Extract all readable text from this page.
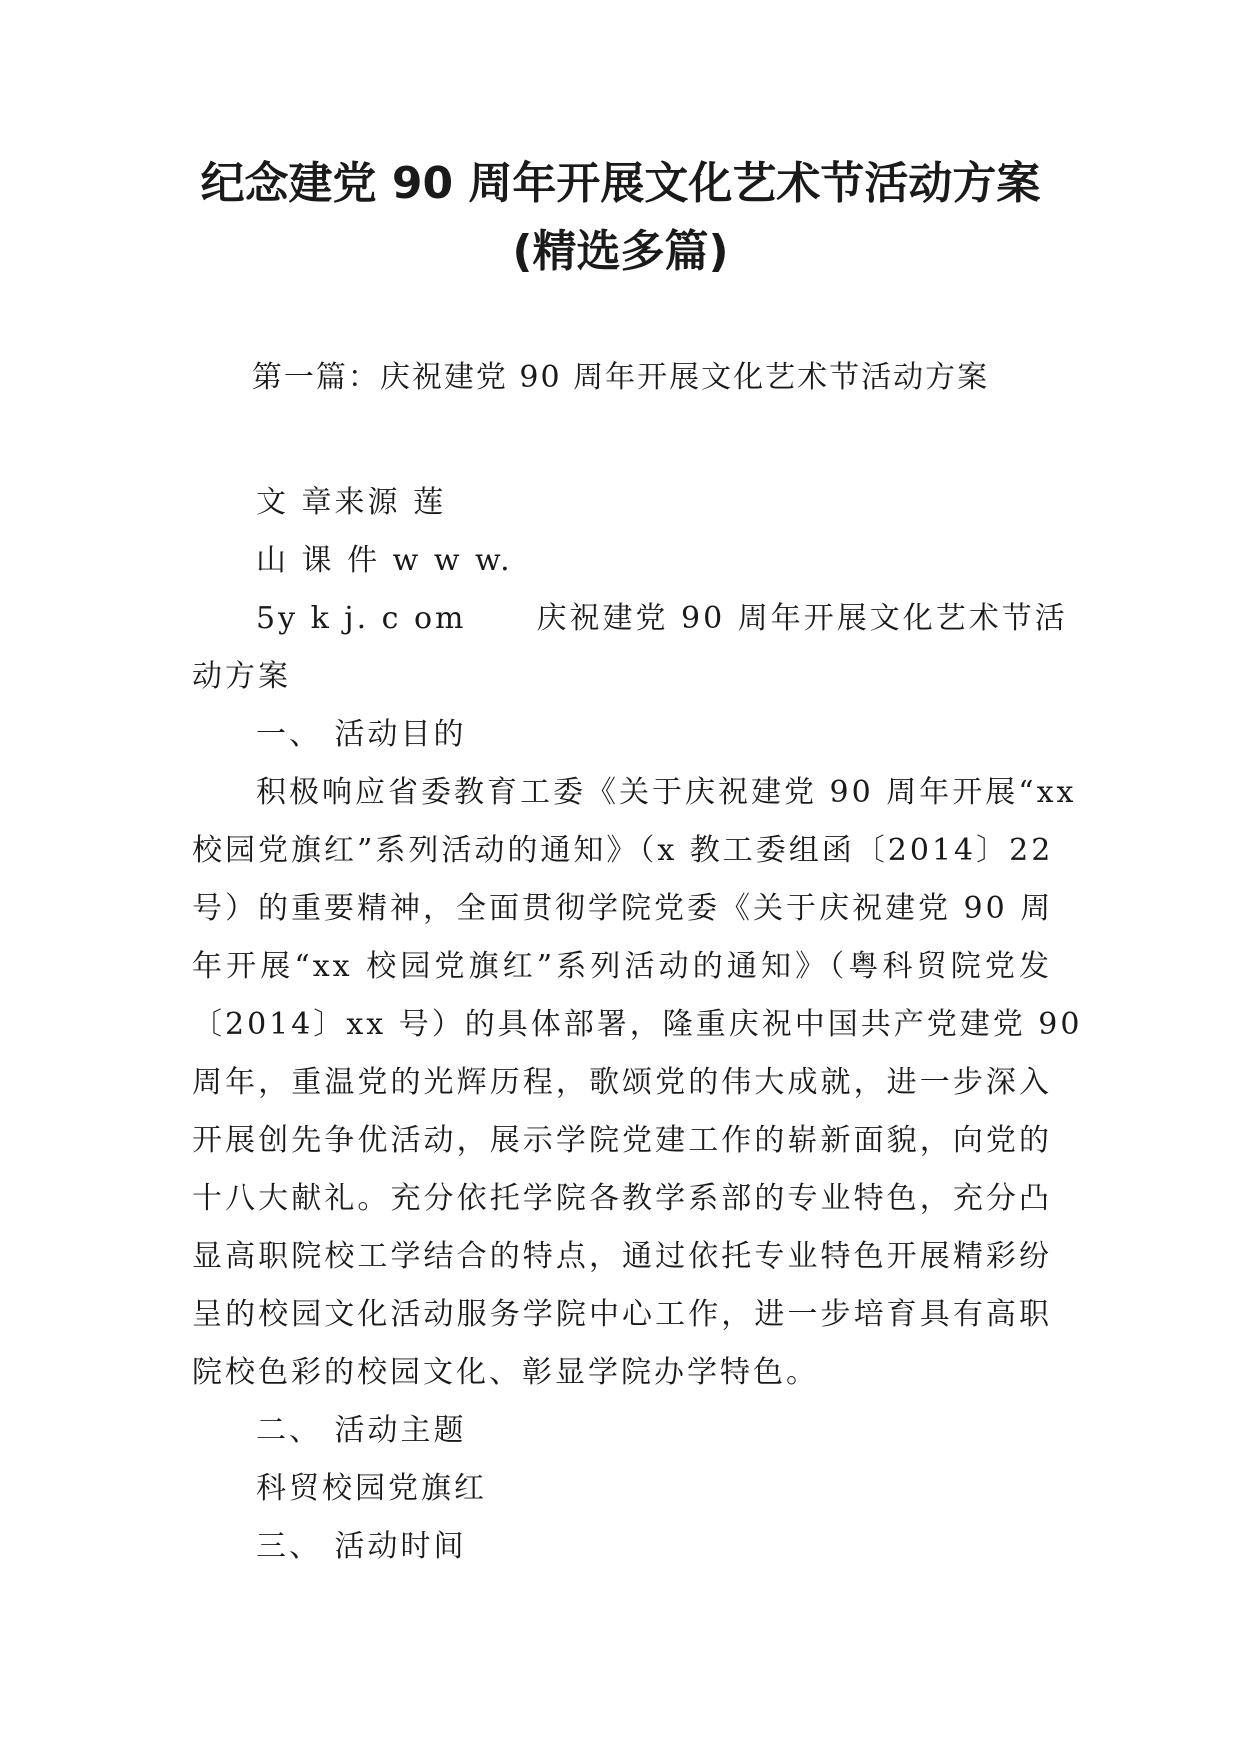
纪念建党 90 周年开展文化艺术节活动方案
(精选多篇)

第一篇：庆祝建党 90 周年开展文化艺术节活动方案

文 章来源 莲
山 课 件 w w w.
5y k j. c om 庆祝建党 90 周年开展文化艺术节活
动方案
一、 活动目的
积极响应省委教育工委《关于庆祝建党 90 周年开展“xx
校园党旗红”系列活动的通知》（x 教工委组函〔2014〕22
号）的重要精神，全面贯彻学院党委《关于庆祝建党 90 周
年开展“xx 校园党旗红”系列活动的通知》（粤科贸院党发
〔2014〕xx 号）的具体部署，隆重庆祝中国共产党建党 90
周年，重温党的光辉历程，歌颂党的伟大成就，进一步深入
开展创先争优活动，展示学院党建工作的崭新面貌，向党的
十八大献礼。充分依托学院各教学系部的专业特色，充分凸
显高职院校工学结合的特点，通过依托专业特色开展精彩纷
呈的校园文化活动服务学院中心工作，进一步培育具有高职
院校色彩的校园文化、彰显学院办学特色。
二、 活动主题
科贸校园党旗红
三、 活动时间
